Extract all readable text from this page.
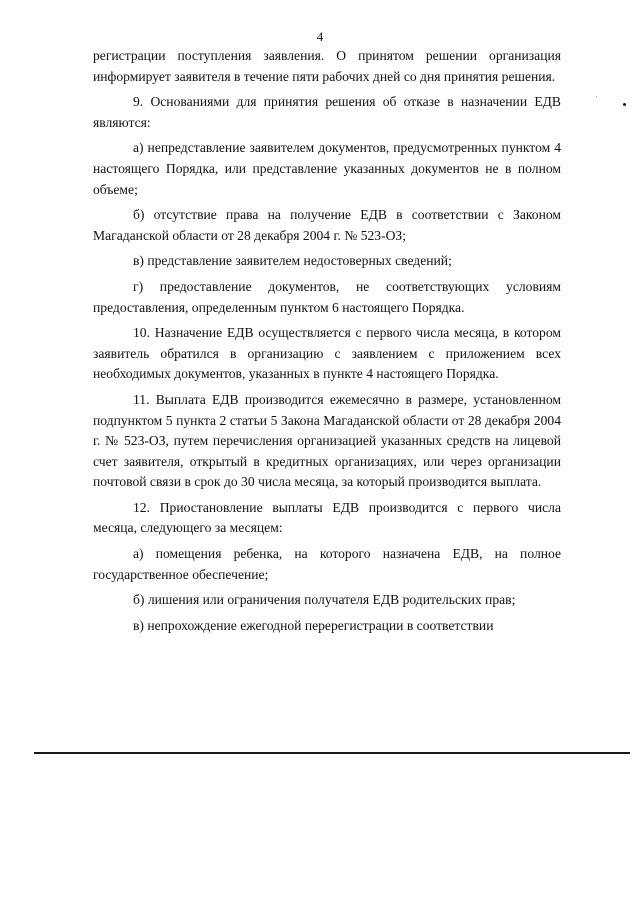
4

регистрации поступления заявления. О принятом решении организация информирует заявителя в течение пяти рабочих дней со дня принятия решения.

9. Основаниями для принятия решения об отказе в назначении ЕДВ являются:

а) непредставление заявителем документов, предусмотренных пунктом 4 настоящего Порядка, или представление указанных документов не в полном объеме;

б) отсутствие права на получение ЕДВ в соответствии с Законом Магаданской области от 28 декабря 2004 г. № 523-ОЗ;

в) представление заявителем недостоверных сведений;

г) предоставление документов, не соответствующих условиям предоставления, определенным пунктом 6 настоящего Порядка.

10. Назначение ЕДВ осуществляется с первого числа месяца, в котором заявитель обратился в организацию с заявлением с приложением всех необходимых документов, указанных в пункте 4 настоящего Порядка.

11. Выплата ЕДВ производится ежемесячно в размере, установленном подпунктом 5 пункта 2 статьи 5 Закона Магаданской области от 28 декабря 2004 г. № 523-ОЗ, путем перечисления организацией указанных средств на лицевой счет заявителя, открытый в кредитных организациях, или через организации почтовой связи в срок до 30 числа месяца, за который производится выплата.

12. Приостановление выплаты ЕДВ производится с первого числа месяца, следующего за месяцем:

а) помещения ребенка, на которого назначена ЕДВ, на полное государственное обеспечение;

б) лишения или ограничения получателя ЕДВ родительских прав;

в) непрохождение ежегодной перерегистрации в соответствии
